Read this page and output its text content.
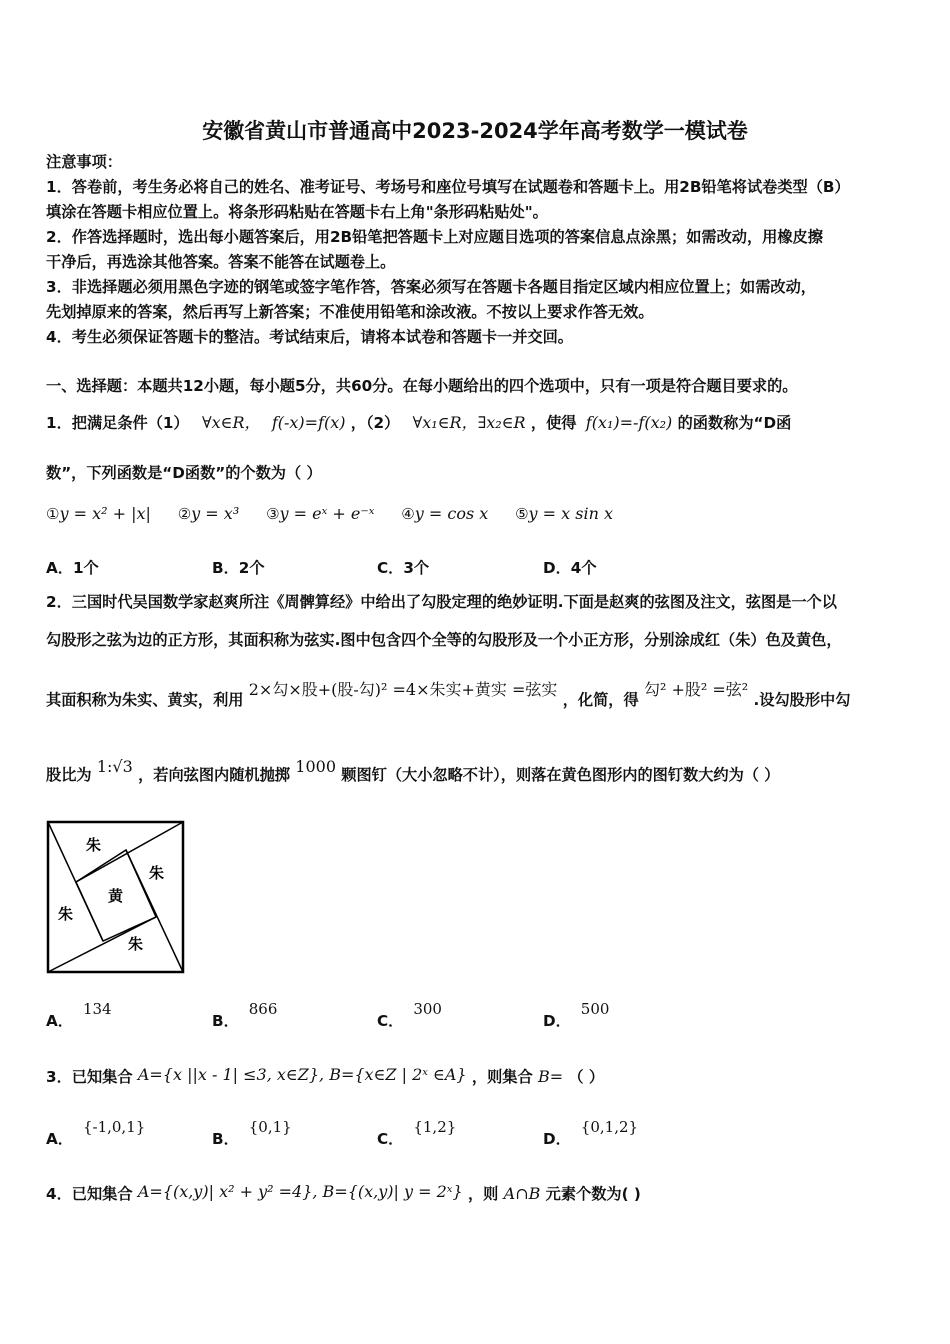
安徽省黄山市普通高中2023-2024学年高考数学一模试卷
注意事项：
1．答卷前，考生务必将自己的姓名、准考证号、考场号和座位号填写在试题卷和答题卡上。用2B铅笔将试卷类型（B）
填涂在答题卡相应位置上。将条形码粘贴在答题卡右上角"条形码粘贴处"。
2．作答选择题时，选出每小题答案后，用2B铅笔把答题卡上对应题目选项的答案信息点涂黑；如需改动，用橡皮擦
干净后，再选涂其他答案。答案不能答在试题卷上。
3．非选择题必须用黑色字迹的钢笔或签字笔作答，答案必须写在答题卡各题目指定区域内相应位置上；如需改动，
先划掉原来的答案，然后再写上新答案；不准使用铅笔和涂改液。不按以上要求作答无效。
4．考生必须保证答题卡的整洁。考试结束后，请将本试卷和答题卡一并交回。
一、选择题：本题共12小题，每小题5分，共60分。在每小题给出的四个选项中，只有一项是符合题目要求的。
1．把满足条件（1） ∀x∈R， f(-x)=f(x) ，（2） ∀x₁∈R，∃x₂∈R ，使得 f(x₁)=-f(x₂) 的函数称为“D函
数”，下列函数是“D函数”的个数为（ ）
①y = x² + |x| ②y = x³ ③y = eˣ + e⁻ˣ ④y = cos x ⑤y = x sin x
A．1个	B．2个	C．3个	D．4个
2．三国时代吴国数学家赵爽所注《周髀算经》中给出了勾股定理的绝妙证明.下面是赵爽的弦图及注文，弦图是一个以
勾股形之弦为边的正方形，其面积称为弦实.图中包含四个全等的勾股形及一个小正方形，分别涂成红（朱）色及黄色，
其面积称为朱实、黄实，利用 2×勾×股+(股-勾)² =4×朱实+黄实 =弦实 ，化简，得 勾² +股² =弦² .设勾股形中勾
股比为 1:√3 ，若向弦图内随机抛掷 1000 颗图钉（大小忽略不计），则落在黄色图形内的图钉数大约为（ ）
朱
朱
黄
朱
朱
A．134
B．866
C．300
D．500
3．已知集合 A={x ||x - 1| ≤3, x∈Z}, B={x∈Z | 2ˣ ∈A} ，则集合 B= （ ）
A．{-1,0,1}
B．{0,1}
C．{1,2}
D．{0,1,2}
4．已知集合 A={(x,y)| x² + y² =4}, B={(x,y)| y = 2ˣ} ，则 A∩B 元素个数为( )
